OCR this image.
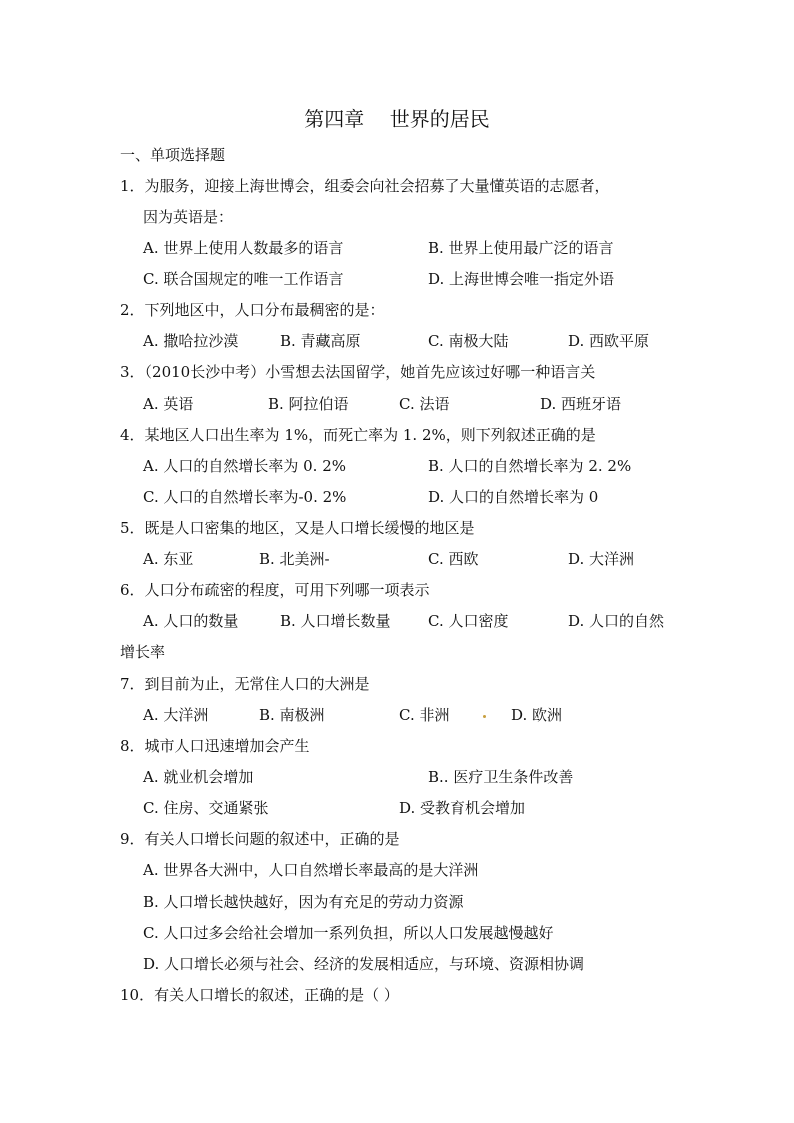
第四章    世界的居民
一、单项选择题
1．为服务，迎接上海世博会，组委会向社会招募了大量懂英语的志愿者，
因为英语是：
A. 世界上使用人数最多的语言	B. 世界上使用最广泛的语言
C. 联合国规定的唯一工作语言	D. 上海世博会唯一指定外语
2．下列地区中，人口分布最稠密的是：
A. 撒哈拉沙漠	B. 青藏高原	C. 南极大陆	D. 西欧平原
3．（2010长沙中考）小雪想去法国留学，她首先应该过好哪一种语言关
A. 英语	B. 阿拉伯语	C. 法语	D. 西班牙语
4．某地区人口出生率为 1%，而死亡率为 1. 2%，则下列叙述正确的是
A. 人口的自然增长率为 0. 2%	B. 人口的自然增长率为 2. 2%
C. 人口的自然增长率为-0. 2%	D. 人口的自然增长率为 0
5．既是人口密集的地区，又是人口增长缓慢的地区是
A. 东亚	B. 北美洲-	C. 西欧	D. 大洋洲
6．人口分布疏密的程度，可用下列哪一项表示
A. 人口的数量	B. 人口增长数量 C. 人口密度	D. 人口的自然
增长率
7．到目前为止，无常住人口的大洲是
A. 大洋洲	B. 南极洲	C. 非洲	D. 欧洲
8．城市人口迅速增加会产生
A. 就业机会增加	B.. 医疗卫生条件改善
C. 住房、交通紧张	D. 受教育机会增加
9．有关人口增长问题的叙述中，正确的是
A. 世界各大洲中，人口自然增长率最高的是大洋洲
B. 人口增长越快越好，因为有充足的劳动力资源
C. 人口过多会给社会增加一系列负担，所以人口发展越慢越好
D. 人口增长必须与社会、经济的发展相适应，与环境、资源相协调
10．有关人口增长的叙述，正确的是（ ）
